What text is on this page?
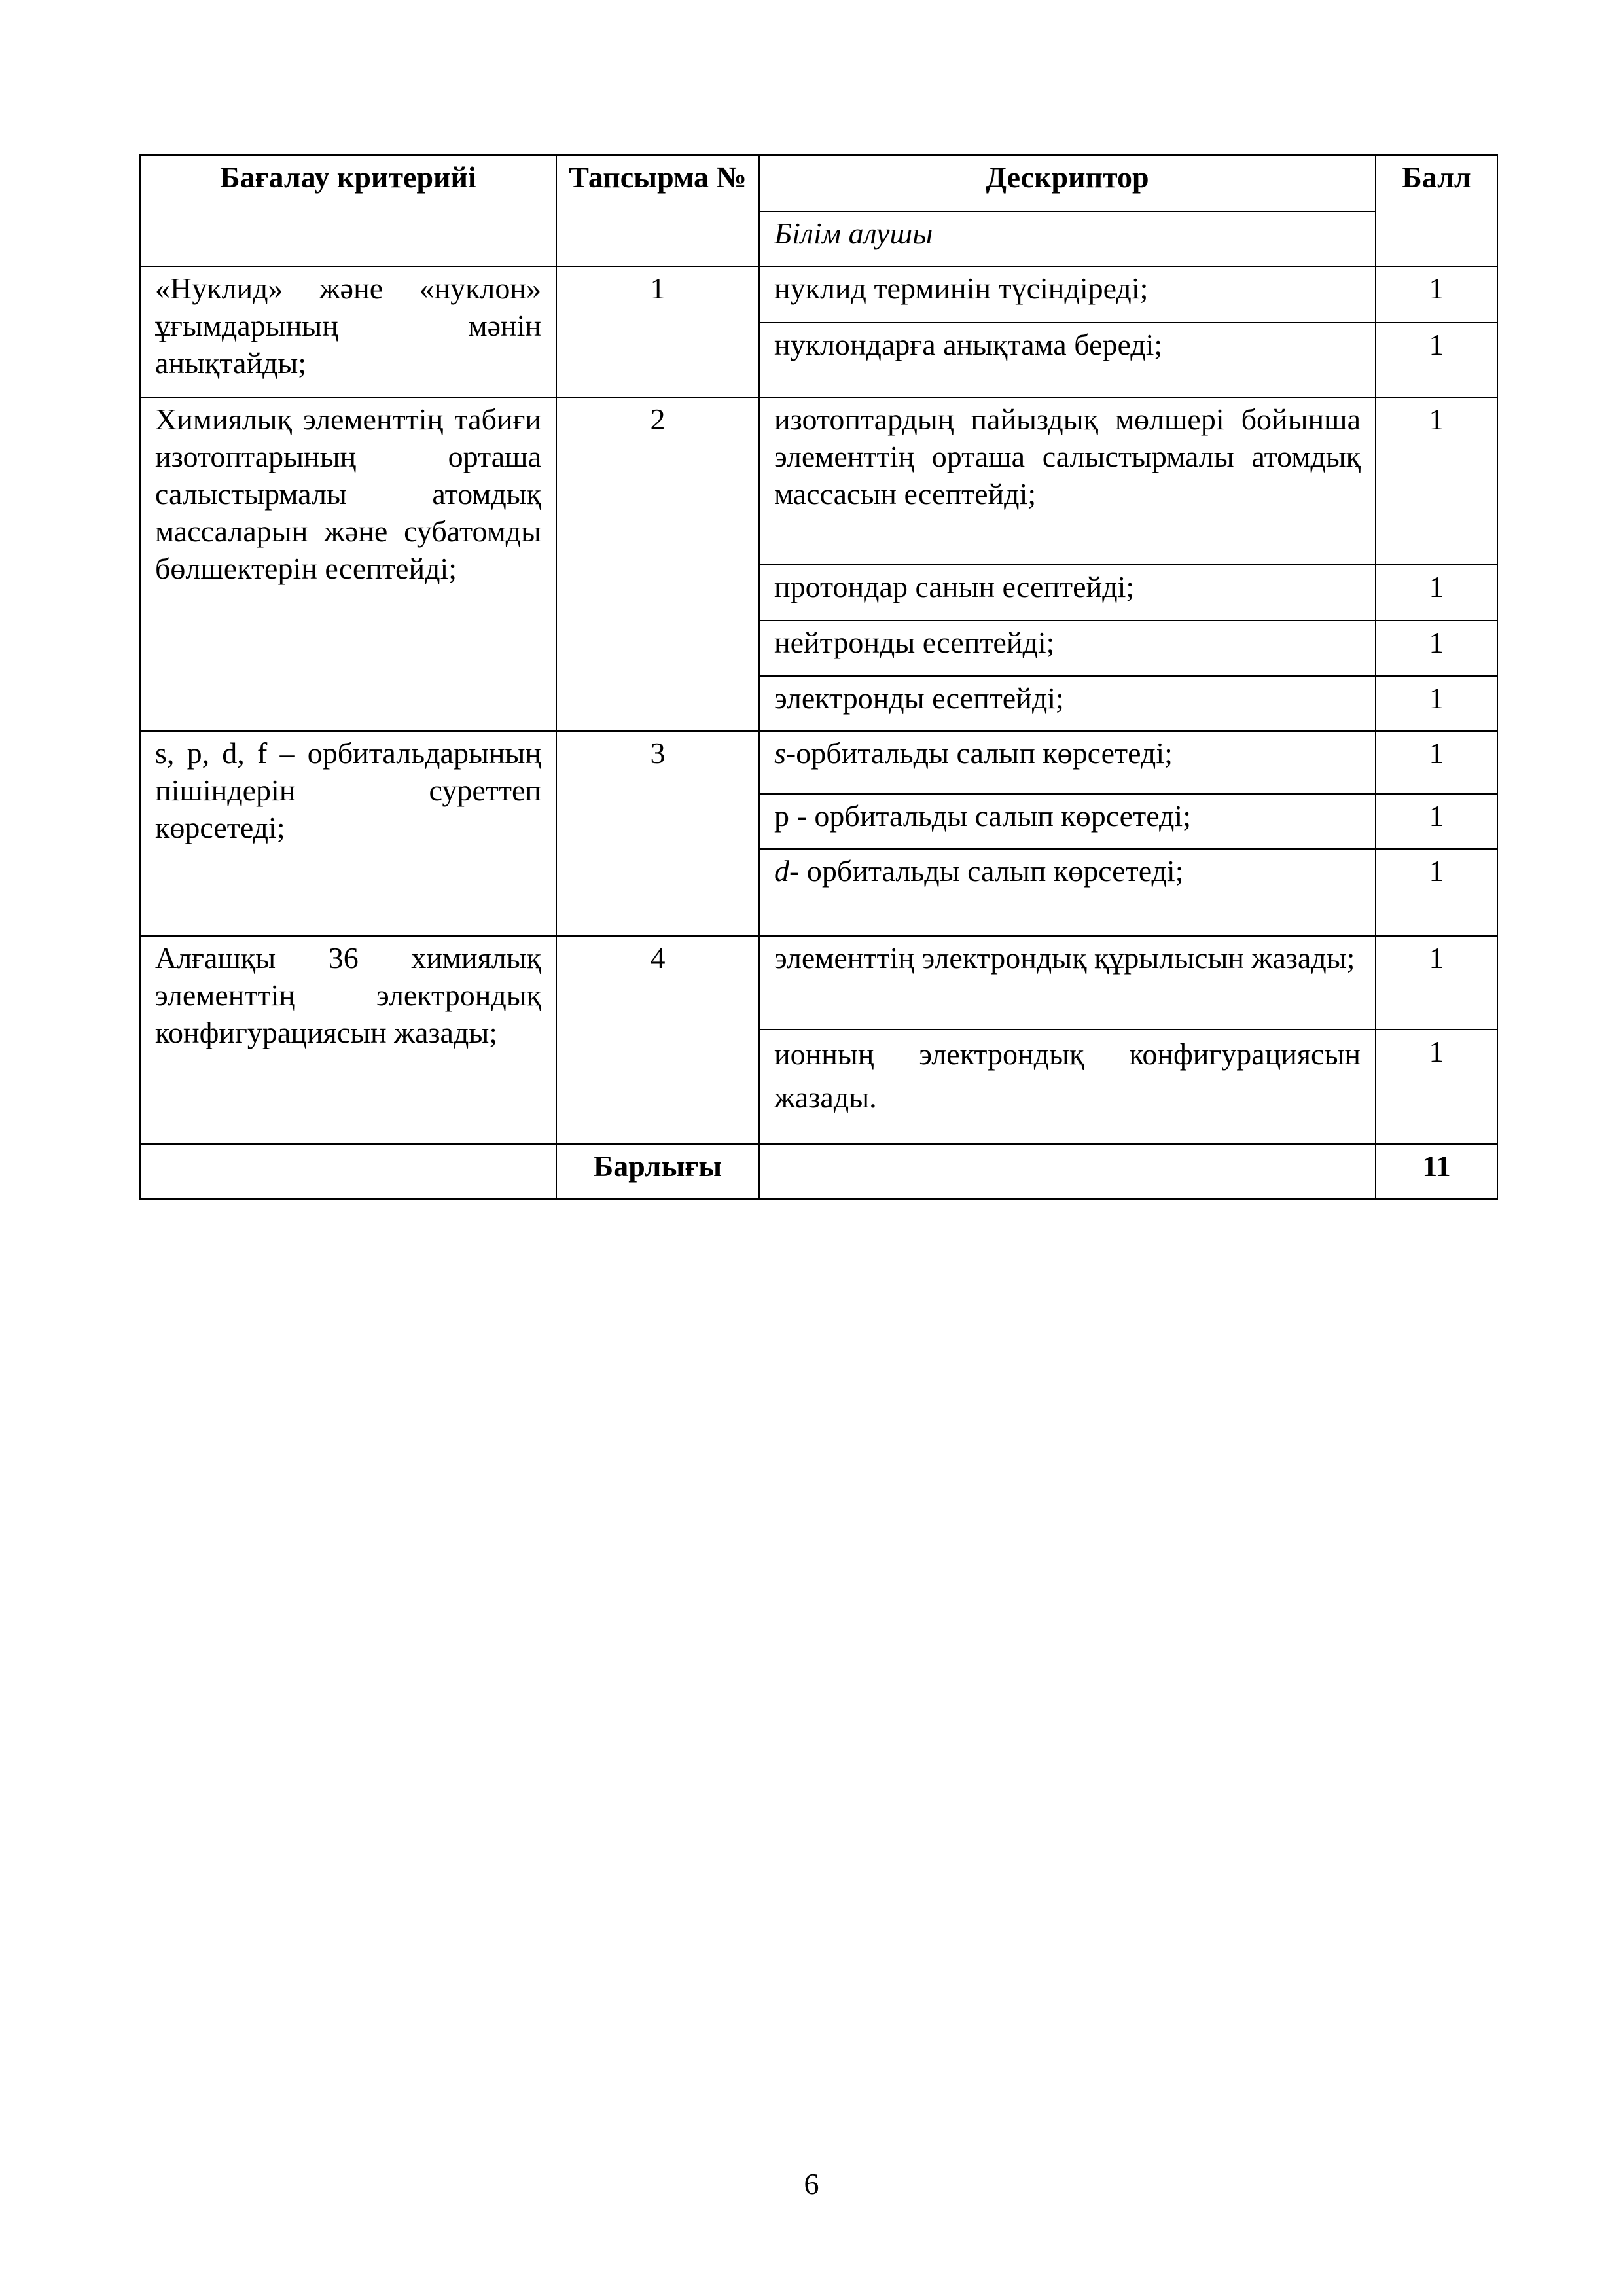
Бағалау критерийі	Тапсырма №	Дескриптор	Балл
		Білім алушы	
«Нуклид» және «нуклон» ұғымдарының мәнін анықтайды;	1	нуклид терминін түсіндіреді;	1
		нуклондарға анықтама береді;	1
Химиялық элементтің табиғи изотоптарының орташа салыстырмалы атомдық массаларын және субатомды бөлшектерін есептейді;	2	изотоптардың пайыздық мөлшері бойынша элементтің орташа салыстырмалы атомдық массасын есептейді;	1
		протондар санын есептейді;	1
		нейтронды есептейді;	1
		электронды есептейді;	1
s, p, d, f – орбитальдарының пішіндерін суреттеп көрсетеді;	3	s-орбитальды салып көрсетеді;	1
		p - орбитальды салып көрсетеді;	1
		d- орбитальды салып көрсетеді;	1
Алғашқы 36 химиялық элементтің электрондық конфигурациясын жазады;	4	элементтің электрондық құрылысын жазады;	1
		ионның электрондық конфигурациясын жазады.	1
	Барлығы		11
6
